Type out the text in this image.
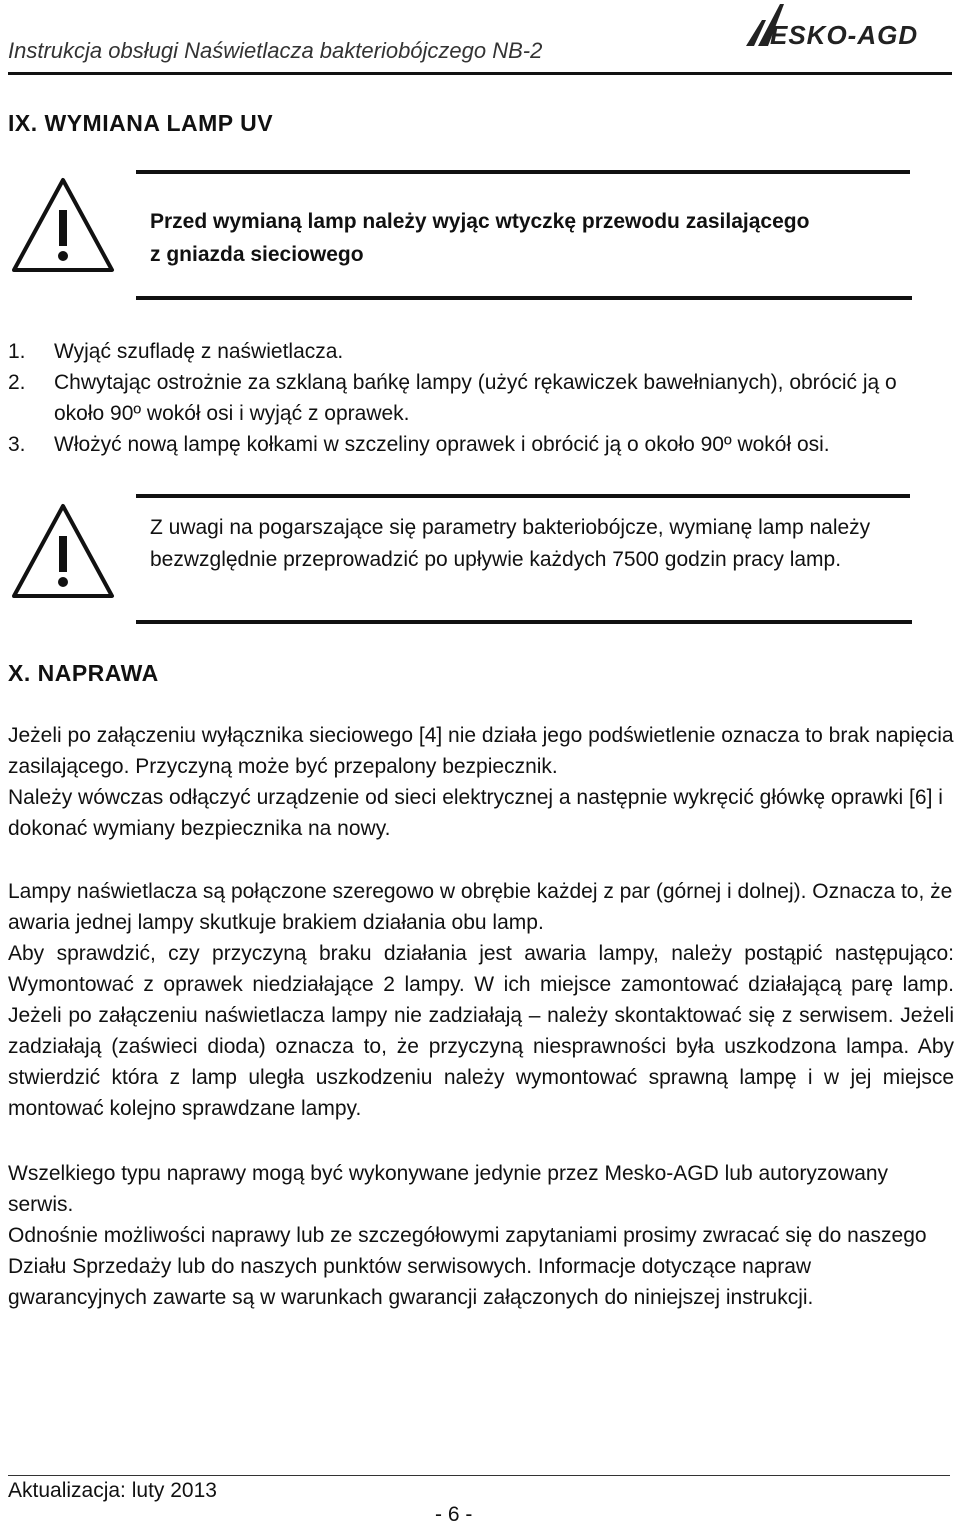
Instrukcja obsługi Naświetlacza bakteriobójczego NB-2
ESKO-AGD
IX. WYMIANA LAMP UV
Przed wymianą lamp należy wyjąc wtyczkę przewodu zasilającego
z gniazda sieciowego
1.	Wyjąć szufladę z naświetlacza.
2.	Chwytając ostrożnie za szklaną bańkę lampy (użyć rękawiczek bawełnianych), obrócić ją o około 90º wokół osi i wyjąć z oprawek.
3.	Włożyć nową lampę kołkami w szczeliny oprawek i obrócić ją o około 90º wokół osi.
Z uwagi na pogarszające się parametry bakteriobójcze, wymianę lamp należy bezwzględnie przeprowadzić po upływie każdych 7500 godzin pracy lamp.
X. NAPRAWA

Jeżeli po załączeniu wyłącznika sieciowego [4] nie działa jego podświetlenie oznacza to brak napięcia zasilającego. Przyczyną może być przepalony bezpiecznik.

Należy wówczas odłączyć urządzenie od sieci elektrycznej a następnie wykręcić główkę oprawki [6] i dokonać wymiany bezpiecznika na nowy.

Lampy naświetlacza są połączone szeregowo w obrębie każdej z par (górnej i dolnej). Oznacza to, że awaria jednej lampy skutkuje brakiem działania obu lamp.

Aby sprawdzić, czy przyczyną braku działania jest awaria lampy, należy postąpić następująco: Wymontować z oprawek niedziałające 2 lampy. W ich miejsce zamontować działającą parę lamp. Jeżeli po załączeniu naświetlacza lampy nie zadziałają – należy skontaktować się z serwisem. Jeżeli zadziałają (zaświeci dioda) oznacza to, że przyczyną niesprawności była uszkodzona lampa. Aby stwierdzić która z lamp uległa uszkodzeniu należy wymontować sprawną lampę i w jej miejsce montować kolejno sprawdzane lampy.

Wszelkiego typu naprawy mogą być wykonywane jedynie przez Mesko-AGD lub autoryzowany serwis.

Odnośnie możliwości naprawy lub ze szczegółowymi zapytaniami prosimy zwracać się do naszego Działu Sprzedaży lub do naszych punktów serwisowych. Informacje dotyczące napraw gwarancyjnych zawarte są w warunkach gwarancji załączonych do niniejszej instrukcji.

Aktualizacja: luty 2013
- 6 -
